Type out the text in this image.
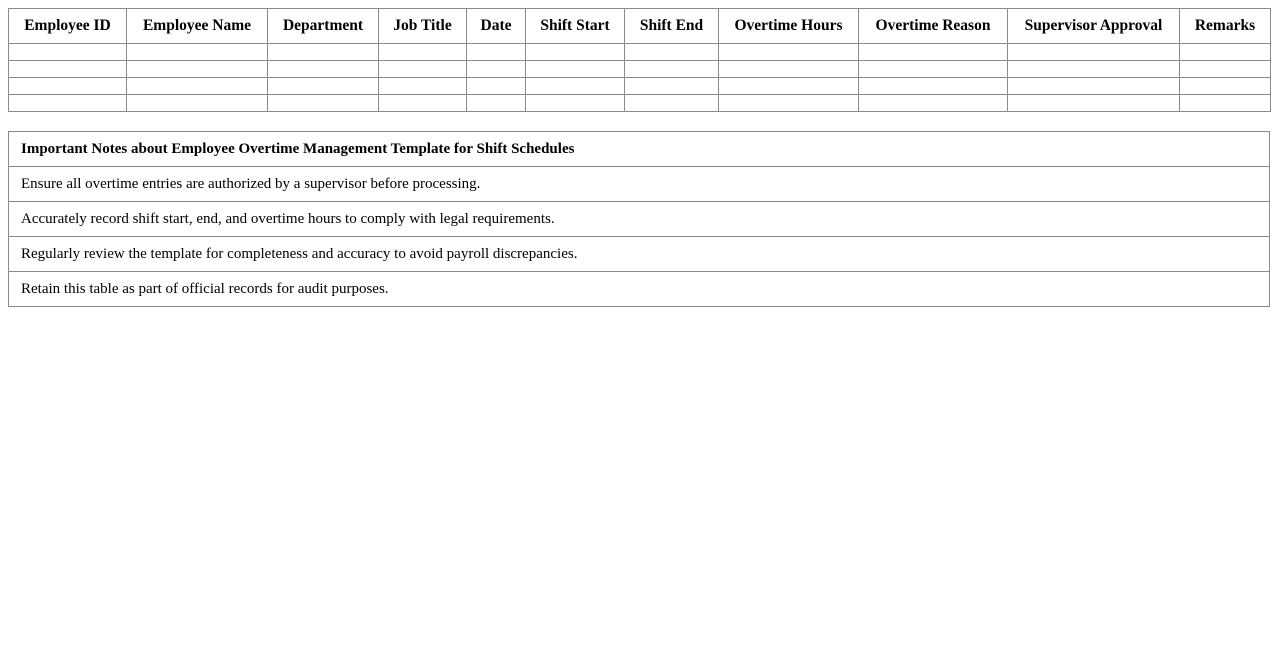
Employee ID	Employee Name	Department	Job Title	Date	Shift Start	Shift End	Overtime Hours	Overtime Reason	Supervisor Approval	Remarks

Important Notes about Employee Overtime Management Template for Shift Schedules
Ensure all overtime entries are authorized by a supervisor before processing.
Accurately record shift start, end, and overtime hours to comply with legal requirements.
Regularly review the template for completeness and accuracy to avoid payroll discrepancies.
Retain this table as part of official records for audit purposes.
